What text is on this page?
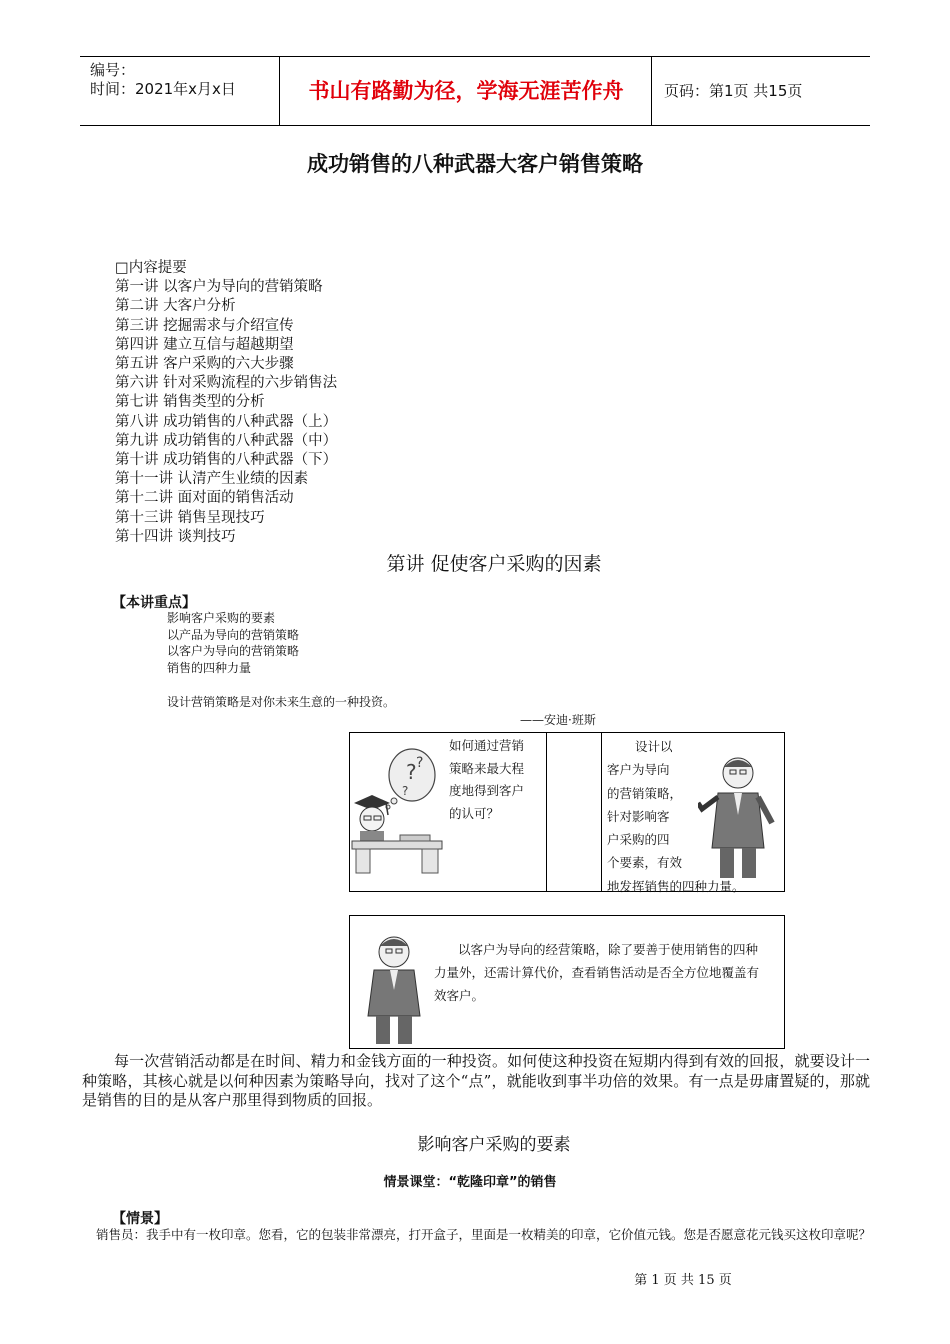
编号：
时间：2021年x月x日	书山有路勤为径，学海无涯苦作舟	页码：第1页 共15页
成功销售的八种武器大客户销售策略
□内容提要
第一讲 以客户为导向的营销策略
第二讲 大客户分析
第三讲 挖掘需求与介绍宣传
第四讲 建立互信与超越期望
第五讲 客户采购的六大步骤
第六讲 针对采购流程的六步销售法
第七讲 销售类型的分析
第八讲 成功销售的八种武器（上）
第九讲 成功销售的八种武器（中）
第十讲 成功销售的八种武器（下）
第十一讲 认清产生业绩的因素
第十二讲 面对面的销售活动
第十三讲 销售呈现技巧
第十四讲 谈判技巧
第讲 促使客户采购的因素
【本讲重点】
影响客户采购的要素
以产品为导向的营销策略
以客户为导向的营销策略
销售的四种力量
设计营销策略是对你未来生意的一种投资。
——安迪·班斯
? ?
?
如何通过营销
策略来最大程
度地得到客户
的认可？
设计以
客户为导向
的营销策略，
针对影响客
户采购的四
个要素，有效
地发挥销售的四种力量。
以客户为导向的经营策略，除了要善于使用销售的四种
力量外，还需计算代价，查看销售活动是否全方位地覆盖有
效客户。
每一次营销活动都是在时间、精力和金钱方面的一种投资。如何使这种投资在短期内得到有效的回报，就要设计一种策略，其核心就是以何种因素为策略导向，找对了这个“点”，就能收到事半功倍的效果。有一点是毋庸置疑的，那就是销售的目的是从客户那里得到物质的回报。
影响客户采购的要素
情景课堂：“乾隆印章”的销售
【情景】
销售员：我手中有一枚印章。您看，它的包装非常漂亮，打开盒子，里面是一枚精美的印章，它价值元钱。您是否愿意花元钱买这枚印章呢？
第 1 页 共 15 页
